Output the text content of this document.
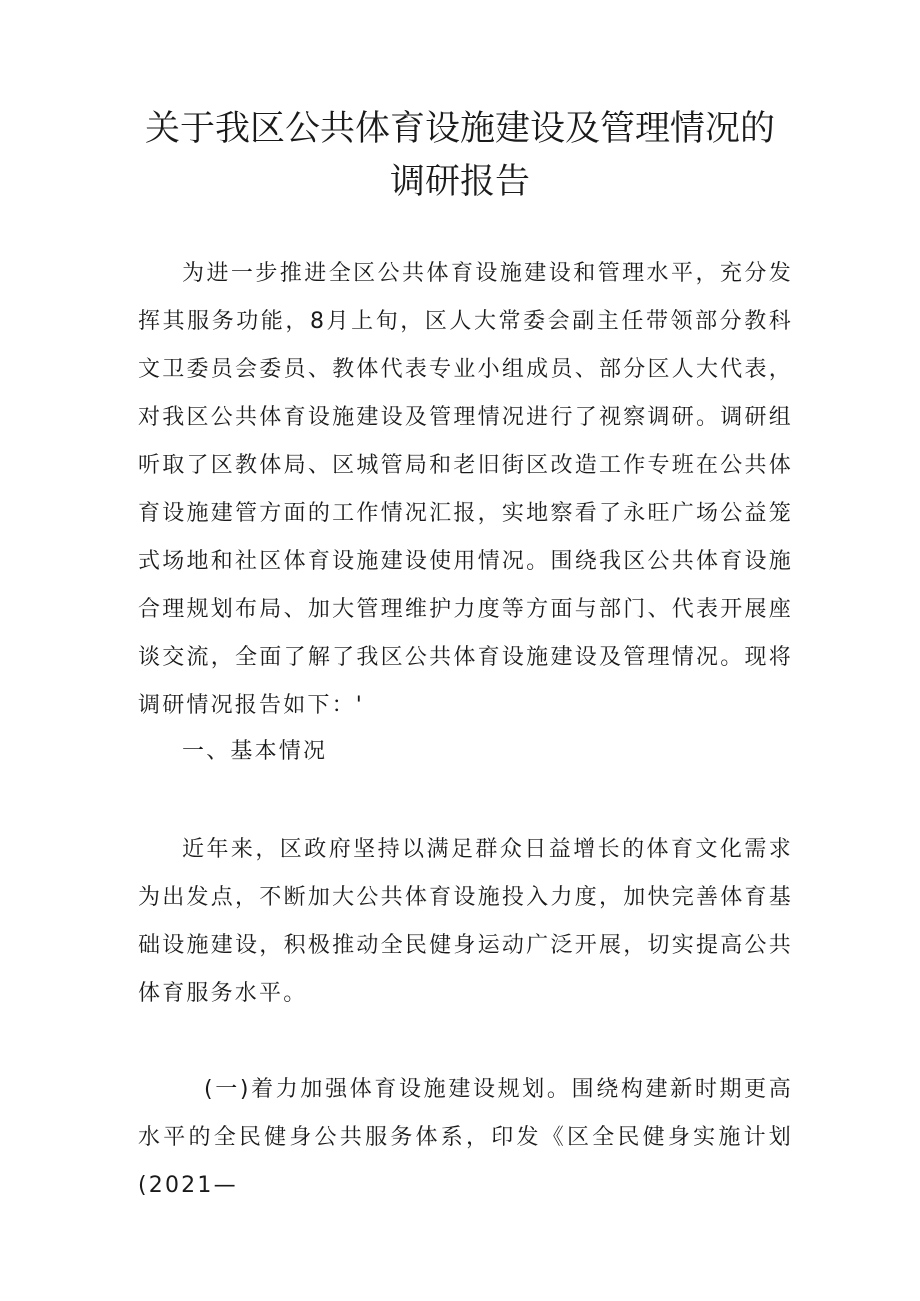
关于我区公共体育设施建设及管理情况的
调研报告

为进一步推进全区公共体育设施建设和管理水平，充分发挥其服务功能，8月上旬，区人大常委会副主任带领部分教科文卫委员会委员、教体代表专业小组成员、部分区人大代表，对我区公共体育设施建设及管理情况进行了视察调研。调研组听取了区教体局、区城管局和老旧街区改造工作专班在公共体育设施建管方面的工作情况汇报，实地察看了永旺广场公益笼式场地和社区体育设施建设使用情况。围绕我区公共体育设施合理规划布局、加大管理维护力度等方面与部门、代表开展座谈交流，全面了解了我区公共体育设施建设及管理情况。现将调研情况报告如下：'

一、基本情况

近年来，区政府坚持以满足群众日益增长的体育文化需求为出发点，不断加大公共体育设施投入力度，加快完善体育基础设施建设，积极推动全民健身运动广泛开展，切实提高公共体育服务水平。

(一)着力加强体育设施建设规划。围绕构建新时期更高水平的全民健身公共服务体系，印发《区全民健身实施计划(2021—
